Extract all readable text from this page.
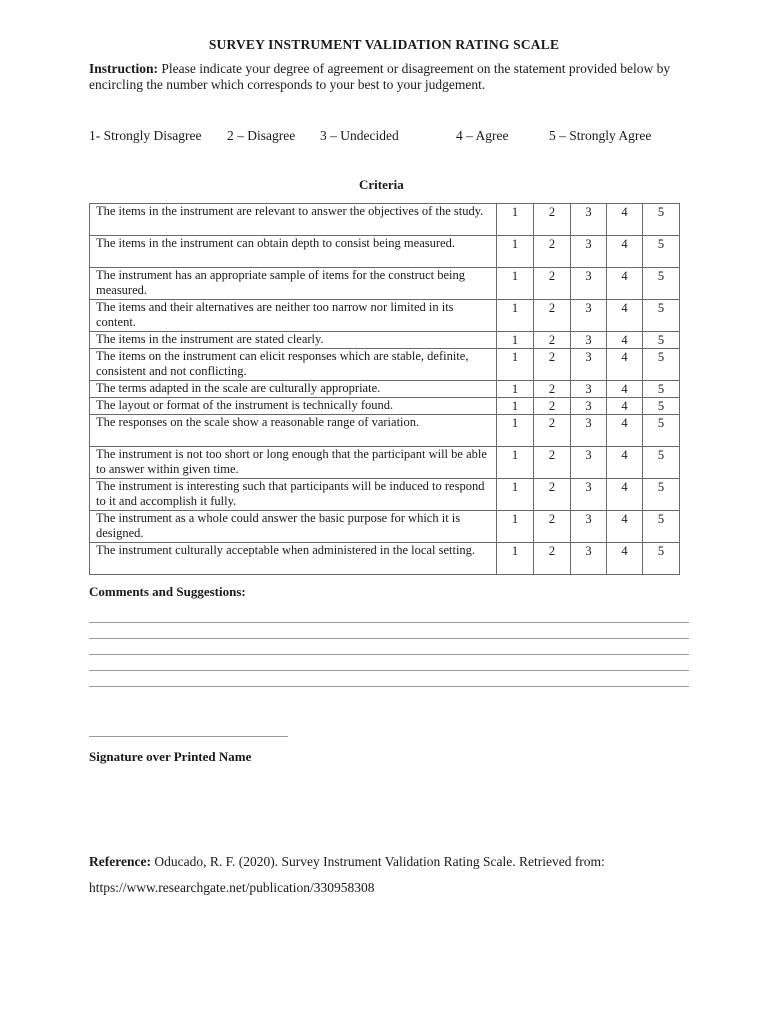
SURVEY INSTRUMENT VALIDATION RATING SCALE
Instruction: Please indicate your degree of agreement or disagreement on the statement provided below by encircling the number which corresponds to your best to your judgement.
1- Strongly Disagree 2 – Disagree 3 – Undecided	4 – Agree	5 – Strongly Agree
Criteria
The items in the instrument are relevant to answer the objectives of the study.	1	2	3	4	5
The items in the instrument can obtain depth to consist being measured.	1	2	3	4	5
The instrument has an appropriate sample of items for the construct being measured.	1	2	3	4	5
The items and their alternatives are neither too narrow nor limited in its content.	1	2	3	4	5
The items in the instrument are stated clearly.	1	2	3	4	5
The items on the instrument can elicit responses which are stable, definite, consistent and not conflicting.	1	2	3	4	5
The terms adapted in the scale are culturally appropriate.	1	2	3	4	5
The layout or format of the instrument is technically found.	1	2	3	4	5
The responses on the scale show a reasonable range of variation.	1	2	3	4	5
The instrument is not too short or long enough that the participant will be able to answer within given time.	1	2	3	4	5
The instrument is interesting such that participants will be induced to respond to it and accomplish it fully.	1	2	3	4	5
The instrument as a whole could answer the basic purpose for which it is designed.	1	2	3	4	5
The instrument culturally acceptable when administered in the local setting.	1	2	3	4	5
Comments and Suggestions:
Signature over Printed Name
Reference: Oducado, R. F. (2020). Survey Instrument Validation Rating Scale. Retrieved from:
https://www.researchgate.net/publication/330958308
